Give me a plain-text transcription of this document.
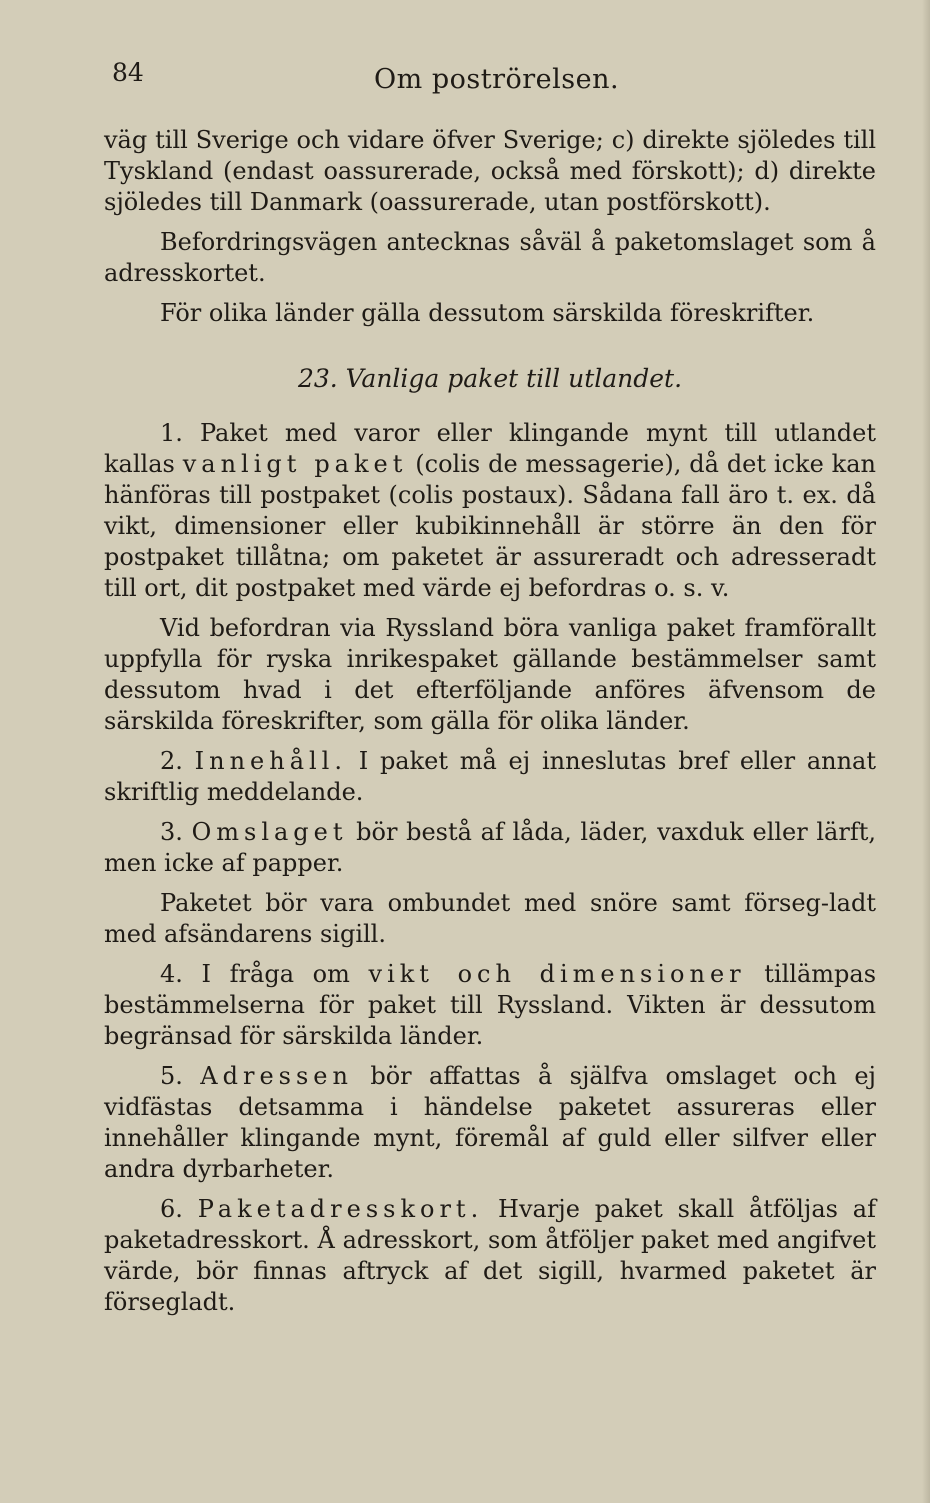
84	Om poströrelsen.

väg till Sverige och vidare öfver Sverige; c) direkte sjöledes till Tyskland (endast oassurerade, också med förskott); d) direkte sjöledes till Danmark (oassurerade, utan postförskott).

Befordringsvägen antecknas såväl å paketomslaget som å adresskortet.

För olika länder gälla dessutom särskilda föreskrifter.

23. Vanliga paket till utlandet.

1. Paket med varor eller klingande mynt till utlandet kallas vanligt paket (colis de messagerie), då det icke kan hänföras till postpaket (colis postaux). Sådana fall äro t. ex. då vikt, dimensioner eller kubikinnehåll är större än den för postpaket tillåtna; om paketet är assureradt och adresseradt till ort, dit postpaket med värde ej befordras o. s. v.

Vid befordran via Ryssland böra vanliga paket framförallt uppfylla för ryska inrikespaket gällande bestämmelser samt dessutom hvad i det efterföljande anföres äfvensom de särskilda föreskrifter, som gälla för olika länder.

2. Innehåll. I paket må ej inneslutas bref eller annat skriftlig meddelande.

3. Omslaget bör bestå af låda, läder, vaxduk eller lärft, men icke af papper.

Paketet bör vara ombundet med snöre samt förseg-ladt med afsändarens sigill.

4. I fråga om vikt och dimensioner tillämpas bestämmelserna för paket till Ryssland. Vikten är dessutom begränsad för särskilda länder.

5. Adressen bör affattas å själfva omslaget och ej vidfästas detsamma i händelse paketet assureras eller innehåller klingande mynt, föremål af guld eller silfver eller andra dyrbarheter.

6. Paketadresskort. Hvarje paket skall åtföljas af paketadresskort. Å adresskort, som åtföljer paket med angifvet värde, bör finnas aftryck af det sigill, hvarmed paketet är försegladt.
